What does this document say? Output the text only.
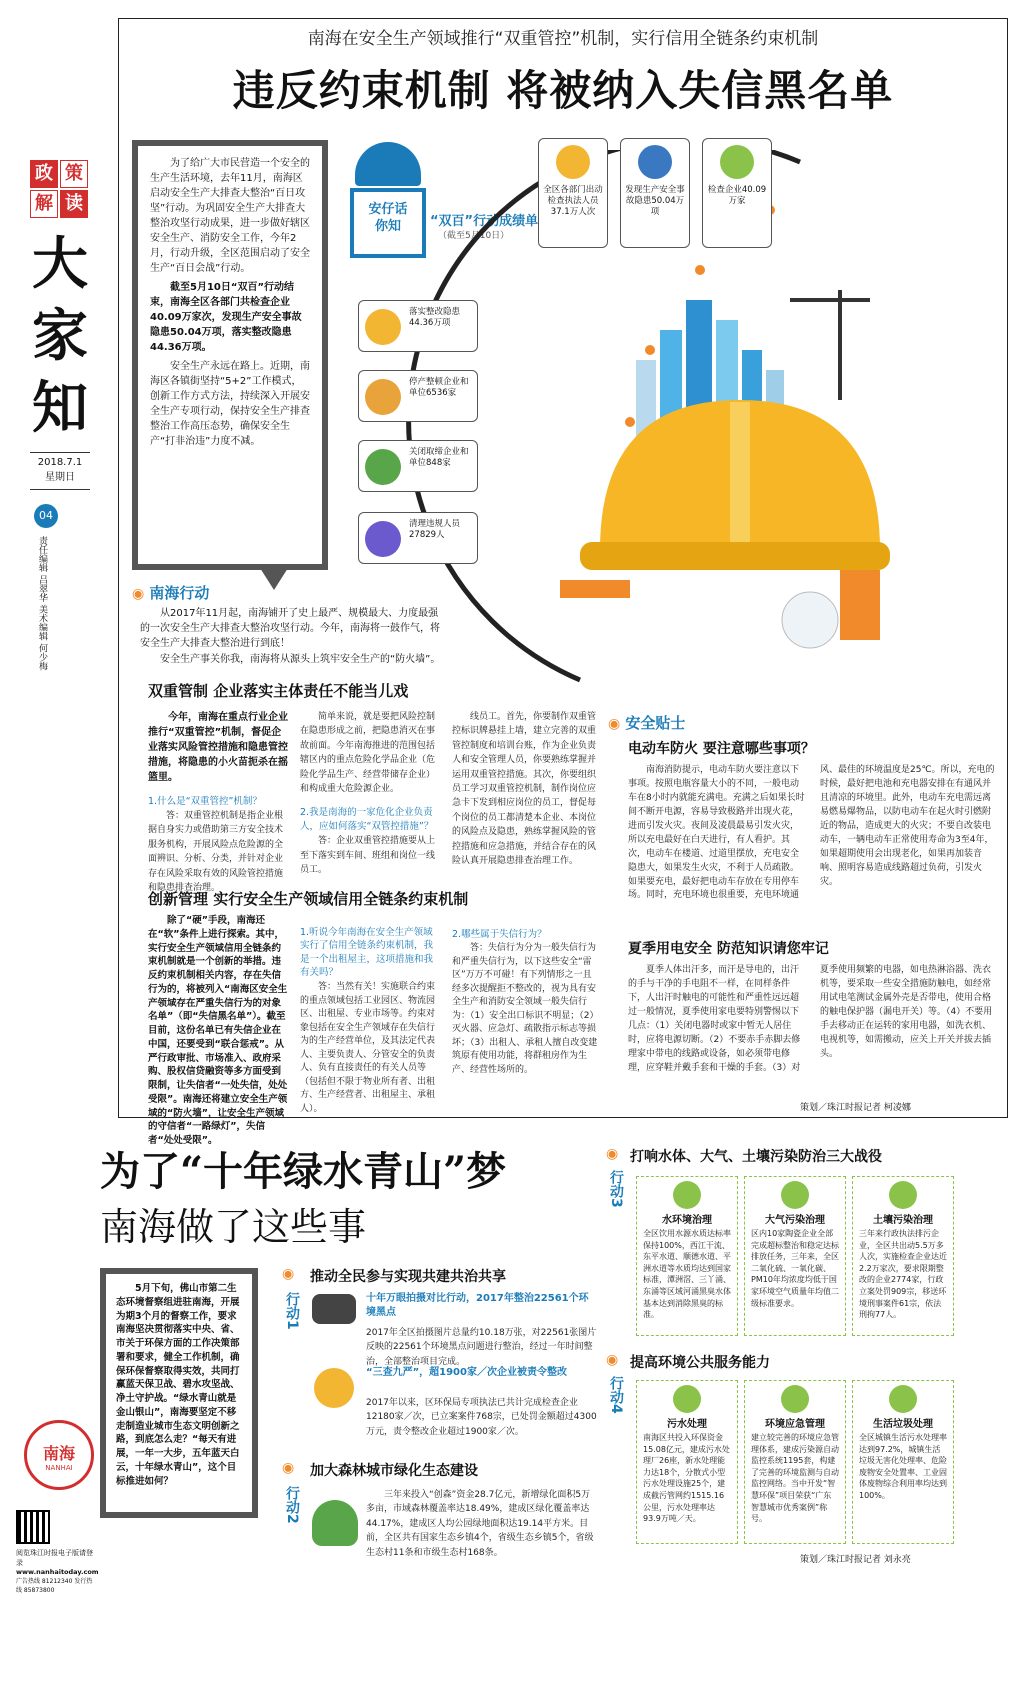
政 策
解 读
大
家
知
2018.7.1
星期日
04
责任编辑 吕翠华 美术编辑 何少梅
南海在安全生产领域推行“双重管控”机制，实行信用全链条约束机制
违反约束机制 将被纳入失信黑名单

为了给广大市民营造一个安全的生产生活环境，去年11月，南海区启动安全生产大排查大整治“百日攻坚”行动。为巩固安全生产大排查大整治攻坚行动成果，进一步做好辖区安全生产、消防安全工作，今年2月，行动升级，全区范围启动了安全生产“百日会战”行动。

截至5月10日“双百”行动结束，南海全区各部门共检查企业40.09万家次，发现生产安全事故隐患50.04万项，落实整改隐患44.36万项。

安全生产永远在路上。近期，南海区各镇街坚持“5+2”工作模式，创新工作方式方法，持续深入开展安全生产专项行动，保持安全生产排查整治工作高压态势，确保安全生产“打非治违”力度不减。

安仔话你知	“双百”行动成绩单
（截至5月10日）
全区各部门出动检查执法人员37.1万人次
发现生产安全事故隐患50.04万项
检查企业40.09万家
落实整改隐患44.36万项
停产整顿企业和单位6536家
关闭取缔企业和单位848家
清理违规人员27829人
◉ 南海行动

从2017年11月起，南海铺开了史上最严、规模最大、力度最强的一次安全生产大排查大整治攻坚行动。今年，南海将一鼓作气，将安全生产大排查大整治进行到底！

安全生产事关你我，南海将从源头上筑牢安全生产的“防火墙”。

双重管制 企业落实主体责任不能当儿戏

今年，南海在重点行业企业推行“双重管控”机制，督促企业落实风险管控措施和隐患管控措施，将隐患的小火苗扼杀在摇篮里。

1.什么是“双重管控”机制？

答：双重管控机制是指企业根据自身实力或借助第三方安全技术服务机构，开展风险点危险源的全面辨识、分析、分类，并针对企业存在风险采取有效的风险管控措施和隐患排查治理。

简单来说，就是要把风险控制在隐患形成之前，把隐患消灭在事故前面。今年南海推进的范围包括辖区内的重点危险化学品企业（危险化学品生产、经营带储存企业）和构成重大危险源企业。

2.我是南海的一家危化企业负责人，应如何落实“双管控措施”？

答：企业双重管控措施要从上至下落实到车间、班组和岗位一线员工。

线员工。首先，你要制作双重管控标识牌悬挂上墙，建立完善的双重管控制度和培训台账，作为企业负责人和安全管理人员，你要熟练掌握并运用双重管控措施。其次，你要组织员工学习双重管控机制，制作岗位应急卡下发到相应岗位的员工，督促每个岗位的员工都清楚本企业、本岗位的风险点及隐患，熟练掌握风险的管控措施和应急措施，并结合存在的风险认真开展隐患排查治理工作。

创新管理 实行安全生产领域信用全链条约束机制

除了“硬”手段，南海还在“软”条件上进行探索。其中，实行安全生产领域信用全链条约束机制就是一个创新的举措。违反约束机制相关内容，存在失信行为的，将被列入“南海区安全生产领域存在严重失信行为的对象名单”（即“失信黑名单”）。截至目前，这份名单已有失信企业在中国，还要受到“联合惩戒”。从严行政审批、市场准入、政府采购、股权信贷融资等多方面受到限制，让失信者“一处失信，处处受限”。南海还将建立安全生产领域的“防火墙”，让安全生产领域的守信者“一路绿灯”，失信者“处处受限”。

1.听说今年南海在安全生产领域实行了信用全链条约束机制，我是一个出租屋主，这项措施和我有关吗？

答：当然有关！实施联合约束的重点领域包括工业园区、物流园区、出租屋、专业市场等。约束对象包括在安全生产领域存在失信行为的生产经营单位，及其法定代表人、主要负责人、分管安全的负责人、负有直接责任的有关人员等（包括但不限于物业所有者、出租方、生产经营者、出租屋主、承租人）。

2.哪些属于失信行为？

答：失信行为分为一般失信行为和严重失信行为，以下这些安全“雷区”万万不可碰！有下列情形之一且经多次提醒拒不整改的，视为具有安全生产和消防安全领域一般失信行为：（1）安全出口标识不明显；（2）灭火器、应急灯、疏散指示标志等损坏；（3）出租人、承租人擅自改变建筑原有使用功能，将群租房作为生产、经营性场所的。

◉ 安全贴士
电动车防火 要注意哪些事项？

南海消防提示，电动车防火要注意以下事项。按照电瓶容量大小的不同，一般电动车在8小时内就能充满电。充满之后如果长时间不断开电源，容易导致极路并出现火花，进而引发火灾。夜间及凌晨最易引发火灾，所以充电最好在白天进行，有人看护。其次，电动车在楼道、过道里摆放，充电安全隐患大，如果发生火灾，不利于人员疏散。如果要充电，最好把电动车存放在专用停车场。同时，充电环境也很重要，充电环境通风、最佳的环境温度是25℃。所以，充电的时候，最好把电池和充电器安排在有通风并且清凉的环境里。此外，电动车充电需远离易燃易爆物品，以防电动车在起火时引燃附近的物品，造成更大的火灾；不要自改装电动车，一辆电动车正常使用寿命为3至4年，如果超期使用会出现老化，如果再加装音响、照明容易造成线路超过负荷，引发火灾。

夏季用电安全 防范知识请您牢记

夏季人体出汗多，而汗是导电的，出汗的手与干净的手电阻不一样，在同样条件下，人出汗时触电的可能性和严重性远远超过一般情况，夏季使用家电要特别警惕以下几点：（1）关闭电器时或家中暂无人居住时，应将电源切断。（2）不要赤手赤脚去修理家中带电的线路或设备，如必须带电修理，应穿鞋并戴手套和干燥的手套。（3）对夏季使用频繁的电器，如电热淋浴器、洗衣机等，要采取一些安全措施防触电，如经常用试电笔测试金属外壳是否带电，使用合格的触电保护器（漏电开关）等。（4）不要用手去移动正在运转的家用电器，如洗衣机、电视机等，如需搬动，应关上开关并拔去插头。

策划／珠江时报记者 柯凌娜
为了“十年绿水青山”梦
南海做了这些事

5月下旬，佛山市第二生态环境督察组进驻南海，开展为期3个月的督察工作，要求南海坚决贯彻落实中央、省、市关于环保方面的工作决策部署和要求，健全工作机制，确保环保督察取得实效，共同打赢蓝天保卫战、碧水攻坚战、净土守护战。“绿水青山就是金山银山”，南海要坚定不移走制造业城市生态文明创新之路，到底怎么走？“每天有进展，一年一大步，五年蓝天白云，十年绿水青山”，这个目标推进如何？

南海
NANHAI
阅览珠江时报电子版请登录
www.nanhaitoday.com
广告热线 81212340 发行热线 85873800
行动1
◉ 推动全民参与实现共建共治共享
十年万眼拍摄对比行动，2017年整治22561个环境黑点

2017年全区拍摄图片总量约10.18万张，对22561张图片反映的22561个环境黑点问题进行整治，经过一年时间整治，全部整治项目完成。

“三查九严”，超1900家／次企业被责令整改

2017年以来，区环保局专项执法已共计完成检查企业12180家／次，已立案案件768宗，已处罚金额超过4300万元，责令整改企业超过1900家／次。

◉
行动2
加大森林城市绿化生态建设

三年来投入“创森”资金28.7亿元，新增绿化面积5万多亩，市域森林覆盖率达18.49%，建成区绿化覆盖率达44.17%，建成区人均公园绿地面积达19.14平方米。目前，全区共有国家生态乡镇4个，省级生态乡镇5个，省级生态村11条和市级生态村168条。

◉
行动3
打响水体、大气、土壤污染防治三大战役
水环境治理

全区饮用水源水质达标率保持100%，西江干流、东平水道、顺德水道、平洲水道等水质均达到国家标准，潭洲滘、三丫涌、东涌等区域河涌黑臭水体基本达到消除黑臭的标准。

大气污染治理

区内10家陶瓷企业全部完成超标整治和稳定达标排放任务，三年来，全区二氧化硫、一氧化碳、PM10年均浓度均低于国家环境空气质量年均值二级标准要求。

土壤污染治理

三年来行政执法排污企业，全区共出动5.5万多人次，实施检查企业达近2.2万家次，要求限期整改的企业2774家，行政立案处罚909宗，移送环境刑事案件61宗，依法刑拘77人。

◉
行动4
提高环境公共服务能力
污水处理

南海区共投入环保资金15.08亿元，建成污水处理厂26座，新水处理能力达18个，分散式小型污水处理设施25个，建成截污管网约1515.16公里，污水处理率达93.9万吨／天。

环境应急管理

建立较完善的环境应急管理体系，建成污染源自动监控系统1195套，构建了完善的环境监测与自动监控网络。当中开发“智慧环保”项目荣获“广东智慧城市优秀案例”称号。

生活垃圾处理

全区城镇生活污水处理率达到97.2%，城镇生活垃圾无害化处理率、危险废物安全处置率、工业固体废物综合利用率均达到100%。

策划／珠江时报记者 刘永亮
